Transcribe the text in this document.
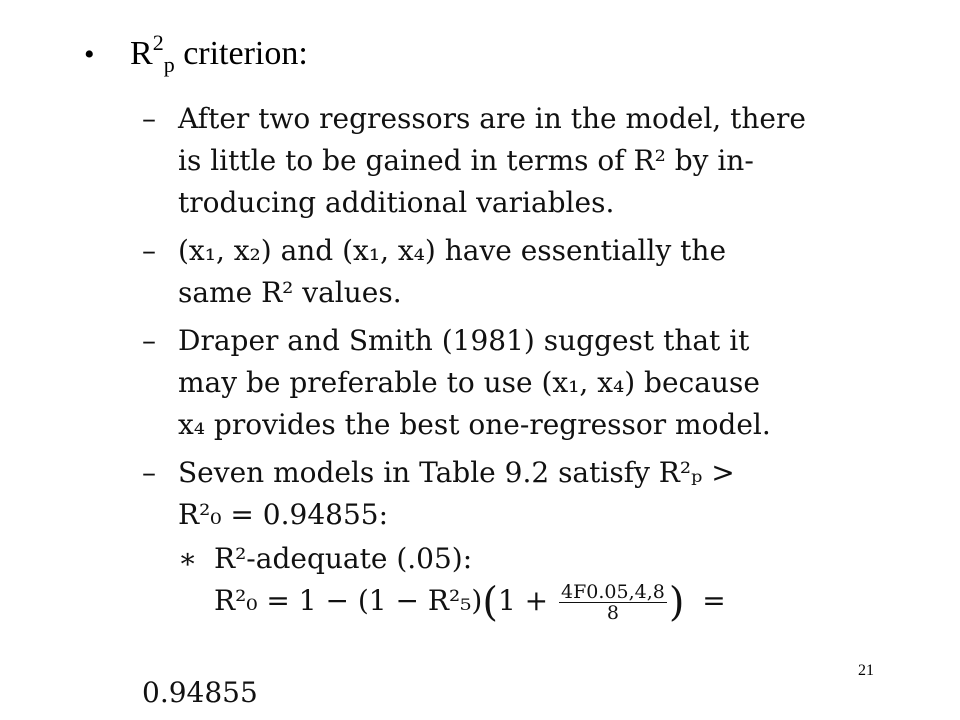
• $R^2_p$ criterion:
– After two regressors are in the model, there
is little to be gained in terms of R² by in-
troducing additional variables.
– (x₁, x₂) and (x₁, x₄) have essentially the
same R² values.
– Draper and Smith (1981) suggest that it
may be preferable to use (x₁, x₄) because
x₄ provides the best one-regressor model.
– Seven models in Table 9.2 satisfy R²ₚ >
R²₀ = 0.94855:
∗ R²-adequate (.05):
$R^2_0 = 1 - (1 - R^2_5)(1 + \frac{4F0.05,4,8}{8}$ ) =
0.94855
21
